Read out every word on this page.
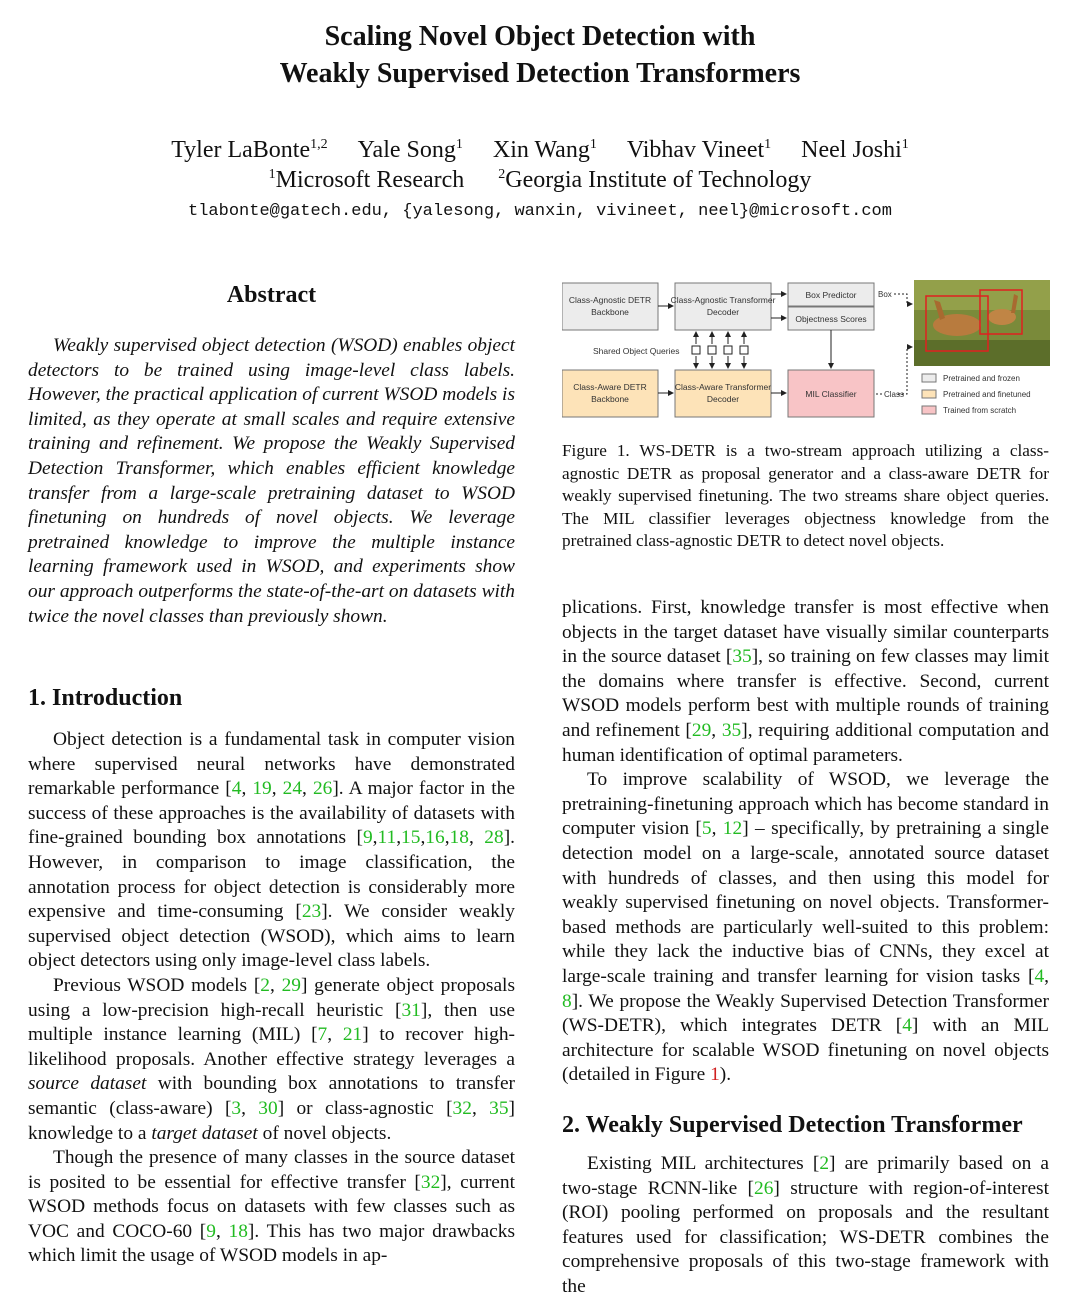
Scaling Novel Object Detection with
Weakly Supervised Detection Transformers
Tyler LaBonte$^{1,2}$ Yale Song$^1$ Xin Wang$^1$ Vibhav Vineet$^1$ Neel Joshi$^1$
$^1$Microsoft Research $^2$Georgia Institute of Technology
tlabonte@gatech.edu, {yalesong, wanxin, vivineet, neel}@microsoft.com
Abstract

Weakly supervised object detection (WSOD) enables object detectors to be trained using image-level class labels. However, the practical application of current WSOD models is limited, as they operate at small scales and require extensive training and refinement. We propose the Weakly Supervised Detection Transformer, which enables efficient knowledge transfer from a large-scale pretraining dataset to WSOD finetuning on hundreds of novel objects. We leverage pretrained knowledge to improve the multiple instance learning framework used in WSOD, and experiments show our approach outperforms the state-of-the-art on datasets with twice the novel classes than previously shown.

1. Introduction

Object detection is a fundamental task in computer vision where supervised neural networks have demonstrated remarkable performance [4, 19, 24, 26]. A major factor in the success of these approaches is the availability of datasets with fine-grained bounding box annotations [9,11,15,16,18, 28]. However, in comparison to image classification, the annotation process for object detection is considerably more expensive and time-consuming [23]. We consider weakly supervised object detection (WSOD), which aims to learn object detectors using only image-level class labels.

Previous WSOD models [2, 29] generate object proposals using a low-precision high-recall heuristic [31], then use multiple instance learning (MIL) [7, 21] to recover high-likelihood proposals. Another effective strategy leverages a source dataset with bounding box annotations to transfer semantic (class-aware) [3, 30] or class-agnostic [32, 35] knowledge to a target dataset of novel objects.

Though the presence of many classes in the source dataset is posited to be essential for effective transfer [32], current WSOD methods focus on datasets with few classes such as VOC and COCO-60 [9, 18]. This has two major drawbacks which limit the usage of WSOD models in ap-

Class-Agnostic DETR Backbone
Class-Agnostic Transformer Decoder
Box Predictor
Objectness Scores
Box
Shared Object Queries
Class-Aware DETR Backbone
Class-Aware Transformer Decoder	MIL Classifier	Class
Pretrained and frozen
Pretrained and finetuned
Trained from scratch

Figure 1. WS-DETR is a two-stream approach utilizing a class-agnostic DETR as proposal generator and a class-aware DETR for weakly supervised finetuning. The two streams share object queries. The MIL classifier leverages objectness knowledge from the pretrained class-agnostic DETR to detect novel objects.

plications. First, knowledge transfer is most effective when objects in the target dataset have visually similar counterparts in the source dataset [35], so training on few classes may limit the domains where transfer is effective. Second, current WSOD models perform best with multiple rounds of training and refinement [29, 35], requiring additional computation and human identification of optimal parameters.

To improve scalability of WSOD, we leverage the pretraining-finetuning approach which has become standard in computer vision [5, 12] – specifically, by pretraining a single detection model on a large-scale, annotated source dataset with hundreds of classes, and then using this model for weakly supervised finetuning on novel objects. Transformer-based methods are particularly well-suited to this problem: while they lack the inductive bias of CNNs, they excel at large-scale training and transfer learning for vision tasks [4, 8]. We propose the Weakly Supervised Detection Transformer (WS-DETR), which integrates DETR [4] with an MIL architecture for scalable WSOD finetuning on novel objects (detailed in Figure 1).

2. Weakly Supervised Detection Transformer

Existing MIL architectures [2] are primarily based on a two-stage RCNN-like [26] structure with region-of-interest (ROI) pooling performed on proposals and the resultant features used for classification; WS-DETR combines the comprehensive proposals of this two-stage framework with the
